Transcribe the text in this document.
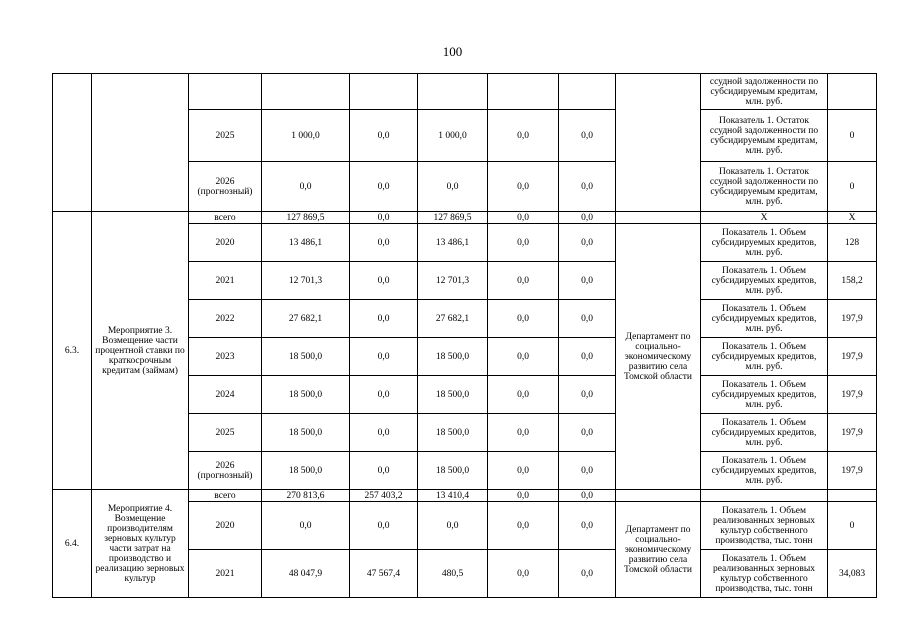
100
									ссудной задолженности по субсидируемым кредитам, млн. руб.	
		2025	1 000,0	0,0	1 000,0	0,0	0,0		Показатель 1. Остаток ссудной задолженности по субсидируемым кредитам, млн. руб.	0
		2026 (прогнозный)	0,0	0,0	0,0	0,0	0,0		Показатель 1. Остаток ссудной задолженности по субсидируемым кредитам, млн. руб.	0
6.3.	Мероприятие 3. Возмещение части процентной ставки по краткосрочным кредитам (займам)	всего	127 869,5	0,0	127 869,5	0,0	0,0		Х	Х
		2020	13 486,1	0,0	13 486,1	0,0	0,0	Департамент по социально-экономическому развитию села Томской области	Показатель 1. Объем субсидируемых кредитов, млн. руб.	128
		2021	12 701,3	0,0	12 701,3	0,0	0,0		Показатель 1. Объем субсидируемых кредитов, млн. руб.	158,2
		2022	27 682,1	0,0	27 682,1	0,0	0,0		Показатель 1. Объем субсидируемых кредитов, млн. руб.	197,9
		2023	18 500,0	0,0	18 500,0	0,0	0,0		Показатель 1. Объем субсидируемых кредитов, млн. руб.	197,9
		2024	18 500,0	0,0	18 500,0	0,0	0,0		Показатель 1. Объем субсидируемых кредитов, млн. руб.	197,9
		2025	18 500,0	0,0	18 500,0	0,0	0,0		Показатель 1. Объем субсидируемых кредитов, млн. руб.	197,9
		2026 (прогнозный)	18 500,0	0,0	18 500,0	0,0	0,0		Показатель 1. Объем субсидируемых кредитов, млн. руб.	197,9
6.4.	Мероприятие 4. Возмещение производителям зерновых культур части затрат на производство и реализацию зерновых культур	всего	270 813,6	257 403,2	13 410,4	0,0	0,0			
		2020	0,0	0,0	0,0	0,0	0,0	Департамент по социально-экономическому развитию села Томской области	Показатель 1. Объем реализованных зерновых культур собственного производства, тыс. тонн	0
		2021	48 047,9	47 567,4	480,5	0,0	0,0		Показатель 1. Объем реализованных зерновых культур собственного производства, тыс. тонн	34,083
